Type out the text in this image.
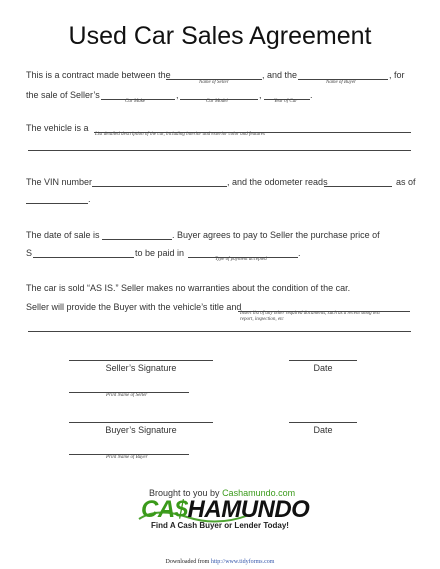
Used Car Sales Agreement
This is a contract made between the	, and the	, for
Name of Seller	Name of Buyer
the sale of Seller’s	,	,	.
Car Make	Car Model	Year of Car
The vehicle is a
List detailed description of the car, including interior and exterior color and features
The VIN number	, and the odometer reads	as of
.
The date of sale is	. Buyer agrees to pay to Seller the purchase price of
S	to be paid in	.
Type of payment accepted
The car is sold “AS IS.” Seller makes no warranties about the condition of the car.
Seller will provide the Buyer with the vehicle’s title and
Insert list of any other required documents, such as a recent smog test
report, inspection, etc
Seller’s Signature	Date
Print Name of Seller
Buyer’s Signature	Date
Print Name of Buyer
Brought to you by Cashamundo.com
CA$HAMUNDO
Find A Cash Buyer or Lender Today!
Downloaded from http://www.tidyforms.com
